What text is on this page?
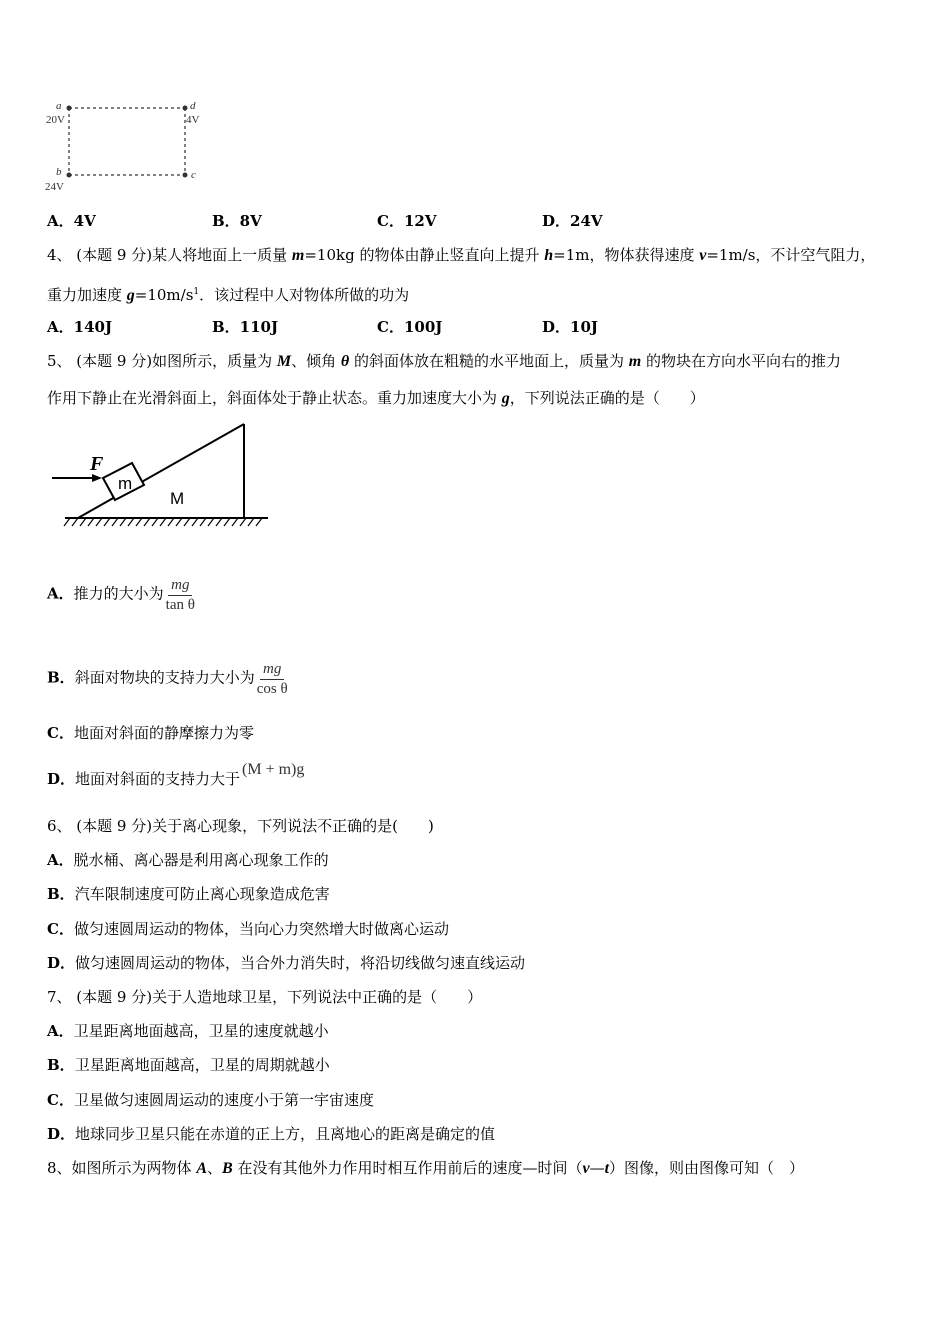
a	d
b	c
20V	4V
24V
A．4V	B．8V	C．12V	D．24V
4、 (本题 9 分)某人将地面上一质量 m=10kg 的物体由静止竖直向上提升 h=1m，物体获得速度 v=1m/s，不计空气阻力，
重力加速度 $g=10m/s^1$．该过程中人对物体所做的功为
A．140J	B．110J	C．100J	D．10J
5、 (本题 9 分)如图所示，质量为 M、倾角 θ 的斜面体放在粗糙的水平地面上，质量为 m 的物块在方向水平向右的推力
作用下静止在光滑斜面上，斜面体处于静止状态。重力加速度大小为 g，下列说法正确的是（　　）
F
m
M
A．推力的大小为 $\frac{mg}{\text{tan θ}}$
B．斜面对物块的支持力大小为 $\frac{mg}{\text{cos θ}}$
C．地面对斜面的静摩擦力为零
D．地面对斜面的支持力大于(M + m)g
6、 (本题 9 分)关于离心现象，下列说法不正确的是(　　)
A．脱水桶、离心器是利用离心现象工作的
B．汽车限制速度可防止离心现象造成危害
C．做匀速圆周运动的物体，当向心力突然增大时做离心运动
D．做匀速圆周运动的物体，当合外力消失时，将沿切线做匀速直线运动
7、 (本题 9 分)关于人造地球卫星，下列说法中正确的是（　　）
A．卫星距离地面越高，卫星的速度就越小
B．卫星距离地面越高，卫星的周期就越小
C．卫星做匀速圆周运动的速度小于第一宇宙速度
D．地球同步卫星只能在赤道的正上方，且离地心的距离是确定的值
8、如图所示为两物体 A、B 在没有其他外力作用时相互作用前后的速度—时间（v—t）图像，则由图像可知（　）
